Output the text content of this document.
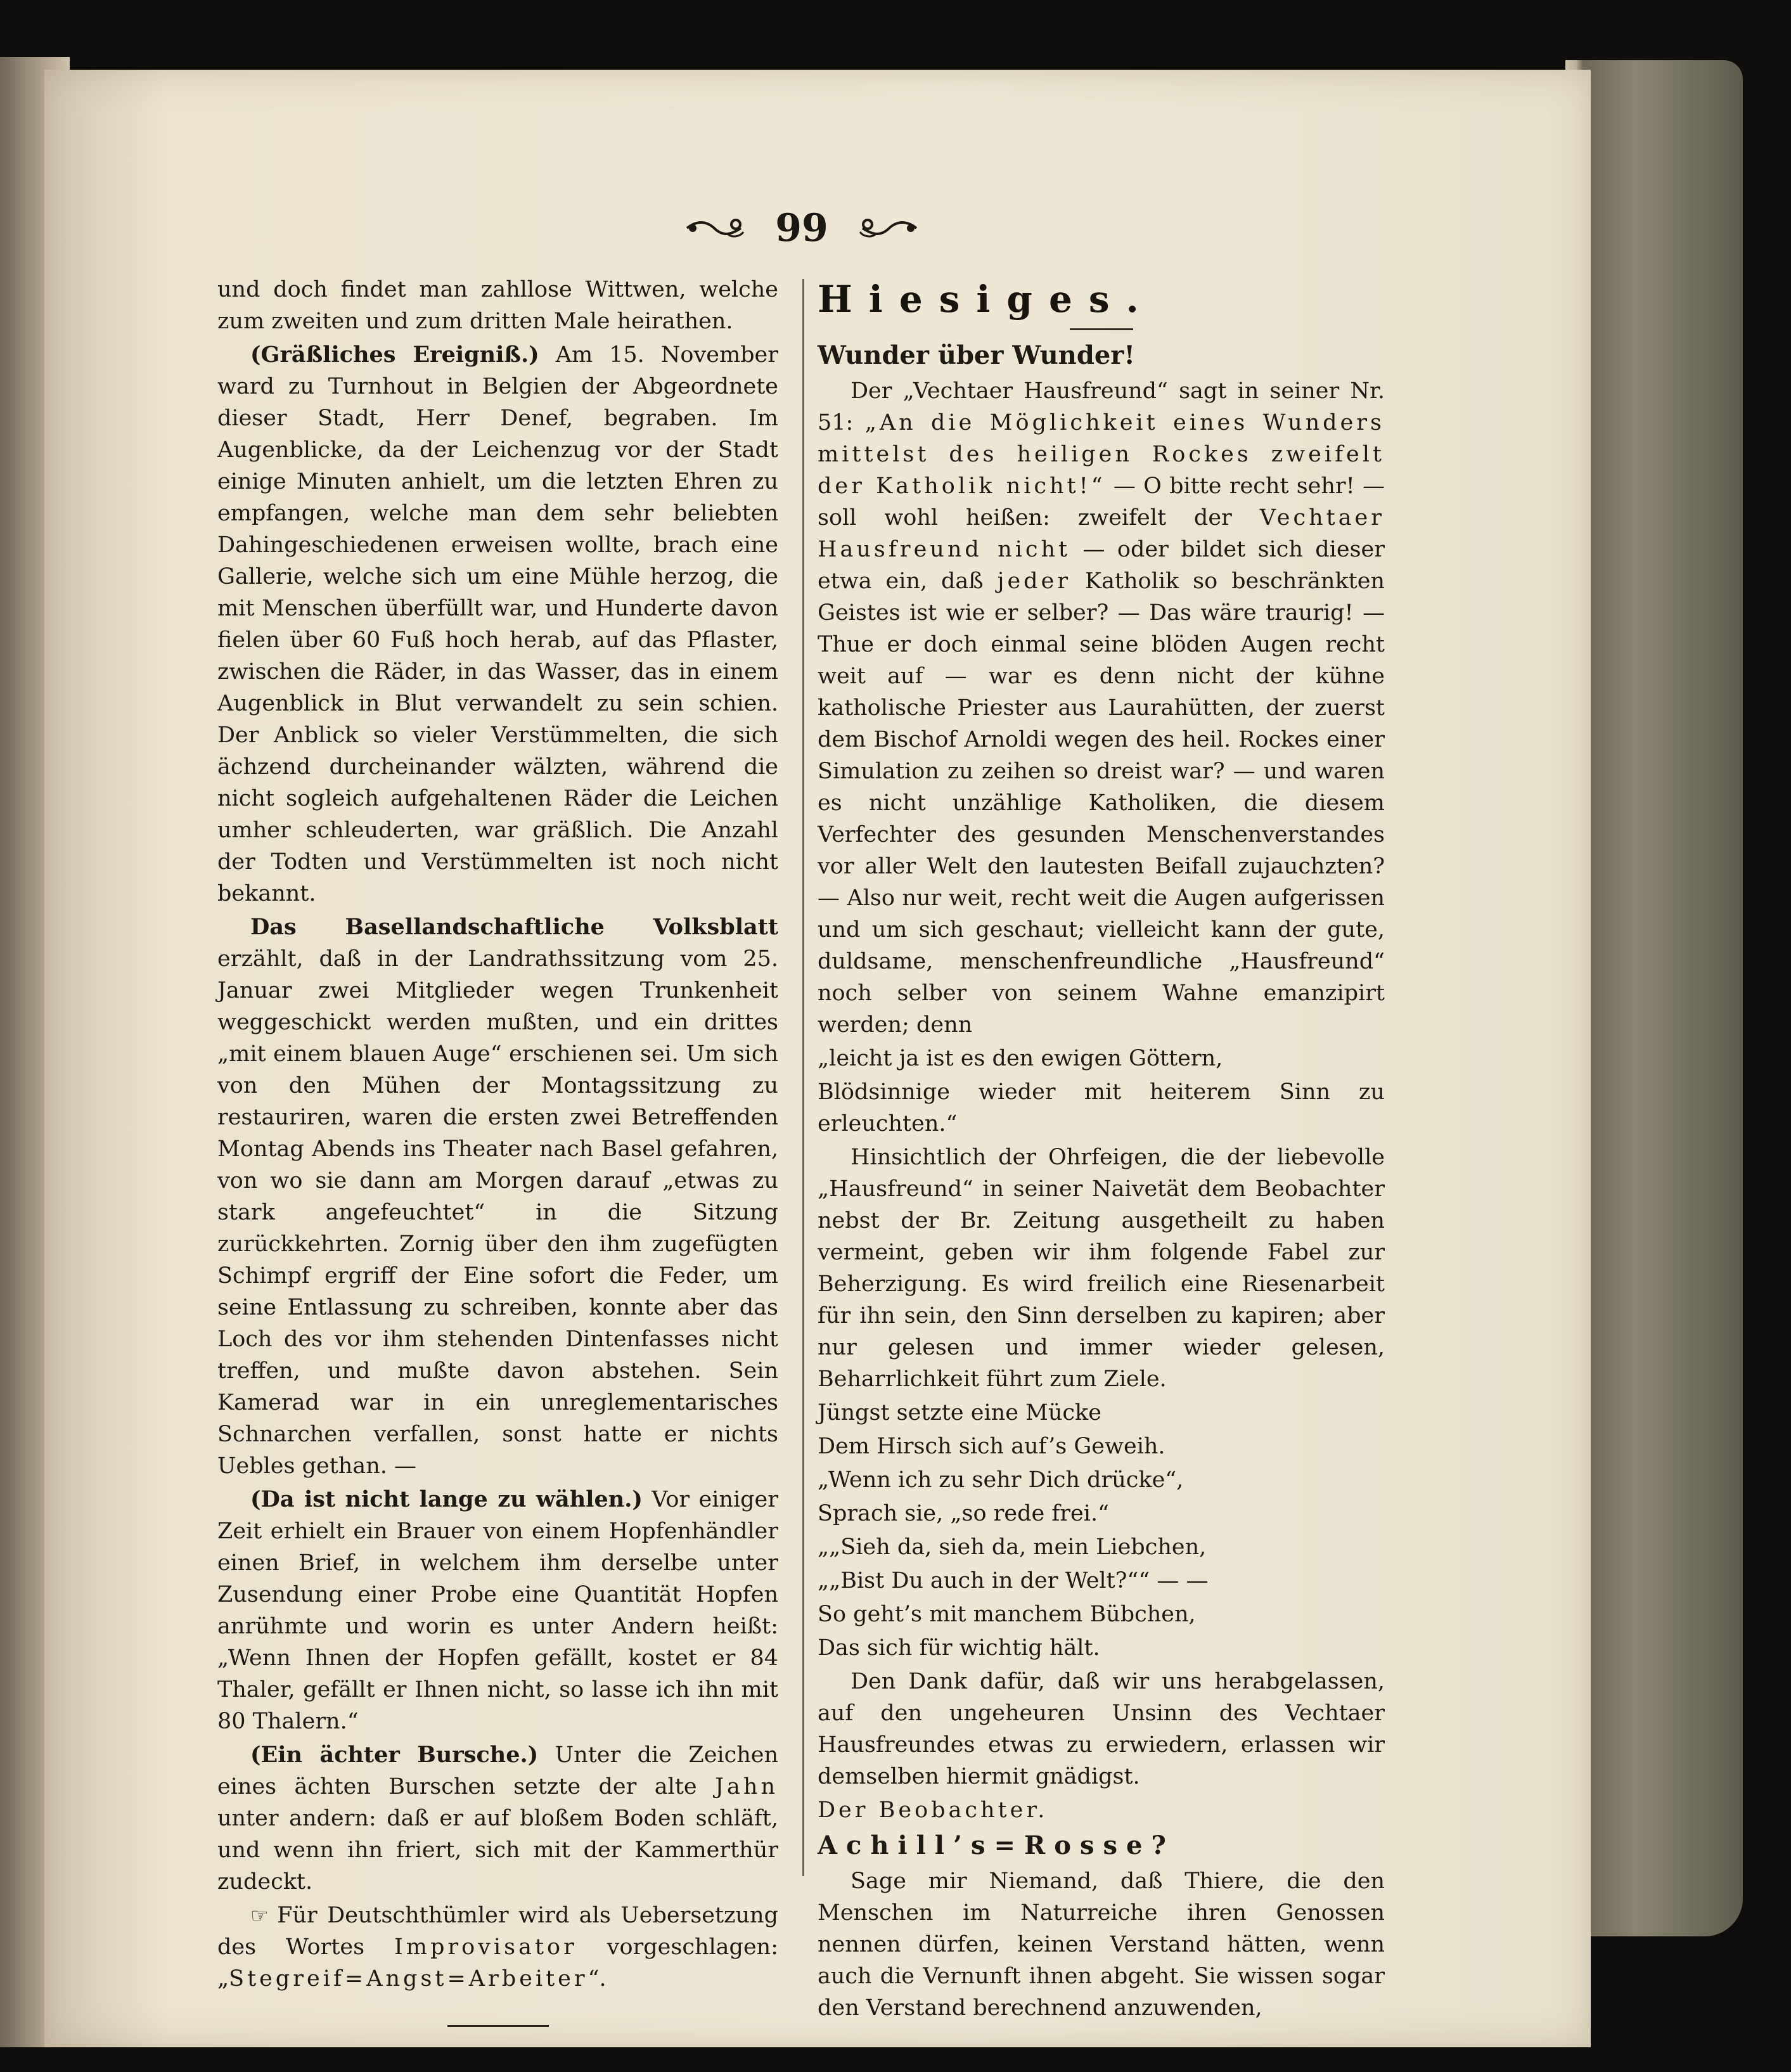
99

und doch findet man zahllose Wittwen, welche zum zweiten und zum dritten Male heirathen.

(Gräßliches Ereigniß.) Am 15. November ward zu Turnhout in Belgien der Abgeordnete dieser Stadt, Herr Denef, begraben. Im Augenblicke, da der Leichenzug vor der Stadt einige Minuten anhielt, um die letzten Ehren zu empfangen, welche man dem sehr beliebten Dahingeschiedenen erweisen wollte, brach eine Gallerie, welche sich um eine Mühle herzog, die mit Menschen überfüllt war, und Hunderte davon fielen über 60 Fuß hoch herab, auf das Pflaster, zwischen die Räder, in das Wasser, das in einem Augenblick in Blut verwandelt zu sein schien. Der Anblick so vieler Verstümmelten, die sich ächzend durcheinander wälzten, während die nicht sogleich aufgehaltenen Räder die Leichen umher schleuderten, war gräßlich. Die Anzahl der Todten und Verstümmelten ist noch nicht bekannt.

Das Basellandschaftliche Volksblatt erzählt, daß in der Landrathssitzung vom 25. Januar zwei Mitglieder wegen Trunkenheit weggeschickt werden mußten, und ein drittes „mit einem blauen Auge“ erschienen sei. Um sich von den Mühen der Montagssitzung zu restauriren, waren die ersten zwei Betreffenden Montag Abends ins Theater nach Basel gefahren, von wo sie dann am Morgen darauf „etwas zu stark angefeuchtet“ in die Sitzung zurückkehrten. Zornig über den ihm zugefügten Schimpf ergriff der Eine sofort die Feder, um seine Entlassung zu schreiben, konnte aber das Loch des vor ihm stehenden Dintenfasses nicht treffen, und mußte davon abstehen. Sein Kamerad war in ein unreglementarisches Schnarchen verfallen, sonst hatte er nichts Uebles gethan. —

(Da ist nicht lange zu wählen.) Vor einiger Zeit erhielt ein Brauer von einem Hopfenhändler einen Brief, in welchem ihm derselbe unter Zusendung einer Probe eine Quantität Hopfen anrühmte und worin es unter Andern heißt: „Wenn Ihnen der Hopfen gefällt, kostet er 84 Thaler, gefällt er Ihnen nicht, so lasse ich ihn mit 80 Thalern.“

(Ein ächter Bursche.) Unter die Zeichen eines ächten Burschen setzte der alte Jahn unter andern: daß er auf bloßem Boden schläft, und wenn ihn friert, sich mit der Kammerthür zudeckt.

☞ Für Deutschthümler wird als Uebersetzung des Wortes Improvisator vorgeschlagen: „Stegreif=Angst=Arbeiter“.

Hiesiges.

Wunder über Wunder!

Der „Vechtaer Hausfreund“ sagt in seiner Nr. 51: „An die Möglichkeit eines Wunders mittelst des heiligen Rockes zweifelt der Katholik nicht!“ — O bitte recht sehr! — soll wohl heißen: zweifelt der Vechtaer Hausfreund nicht — oder bildet sich dieser etwa ein, daß jeder Katholik so beschränkten Geistes ist wie er selber? — Das wäre traurig! — Thue er doch einmal seine blöden Augen recht weit auf — war es denn nicht der kühne katholische Priester aus Laurahütten, der zuerst dem Bischof Arnoldi wegen des heil. Rockes einer Simulation zu zeihen so dreist war? — und waren es nicht unzählige Katholiken, die diesem Verfechter des gesunden Menschenverstandes vor aller Welt den lautesten Beifall zujauchzten? — Also nur weit, recht weit die Augen aufgerissen und um sich geschaut; vielleicht kann der gute, duldsame, menschenfreundliche „Hausfreund“ noch selber von seinem Wahne emanzipirt werden; denn

„leicht ja ist es den ewigen Göttern,

Blödsinnige wieder mit heiterem Sinn zu erleuchten.“

Hinsichtlich der Ohrfeigen, die der liebevolle „Hausfreund“ in seiner Naivetät dem Beobachter nebst der Br. Zeitung ausgetheilt zu haben vermeint, geben wir ihm folgende Fabel zur Beherzigung. Es wird freilich eine Riesenarbeit für ihn sein, den Sinn derselben zu kapiren; aber nur gelesen und immer wieder gelesen, Beharrlichkeit führt zum Ziele.

Jüngst setzte eine Mücke

Dem Hirsch sich auf’s Geweih.

„Wenn ich zu sehr Dich drücke“,

Sprach sie, „so rede frei.“

„„Sieh da, sieh da, mein Liebchen,

„„Bist Du auch in der Welt?““ — —

So geht’s mit manchem Bübchen,

Das sich für wichtig hält.

Den Dank dafür, daß wir uns herabgelassen, auf den ungeheuren Unsinn des Vechtaer Hausfreundes etwas zu erwiedern, erlassen wir demselben hiermit gnädigst.

Der Beobachter.

Achill’s=Rosse?

Sage mir Niemand, daß Thiere, die den Menschen im Naturreiche ihren Genossen nennen dürfen, keinen Verstand hätten, wenn auch die Vernunft ihnen abgeht. Sie wissen sogar den Verstand berechnend anzuwenden,
